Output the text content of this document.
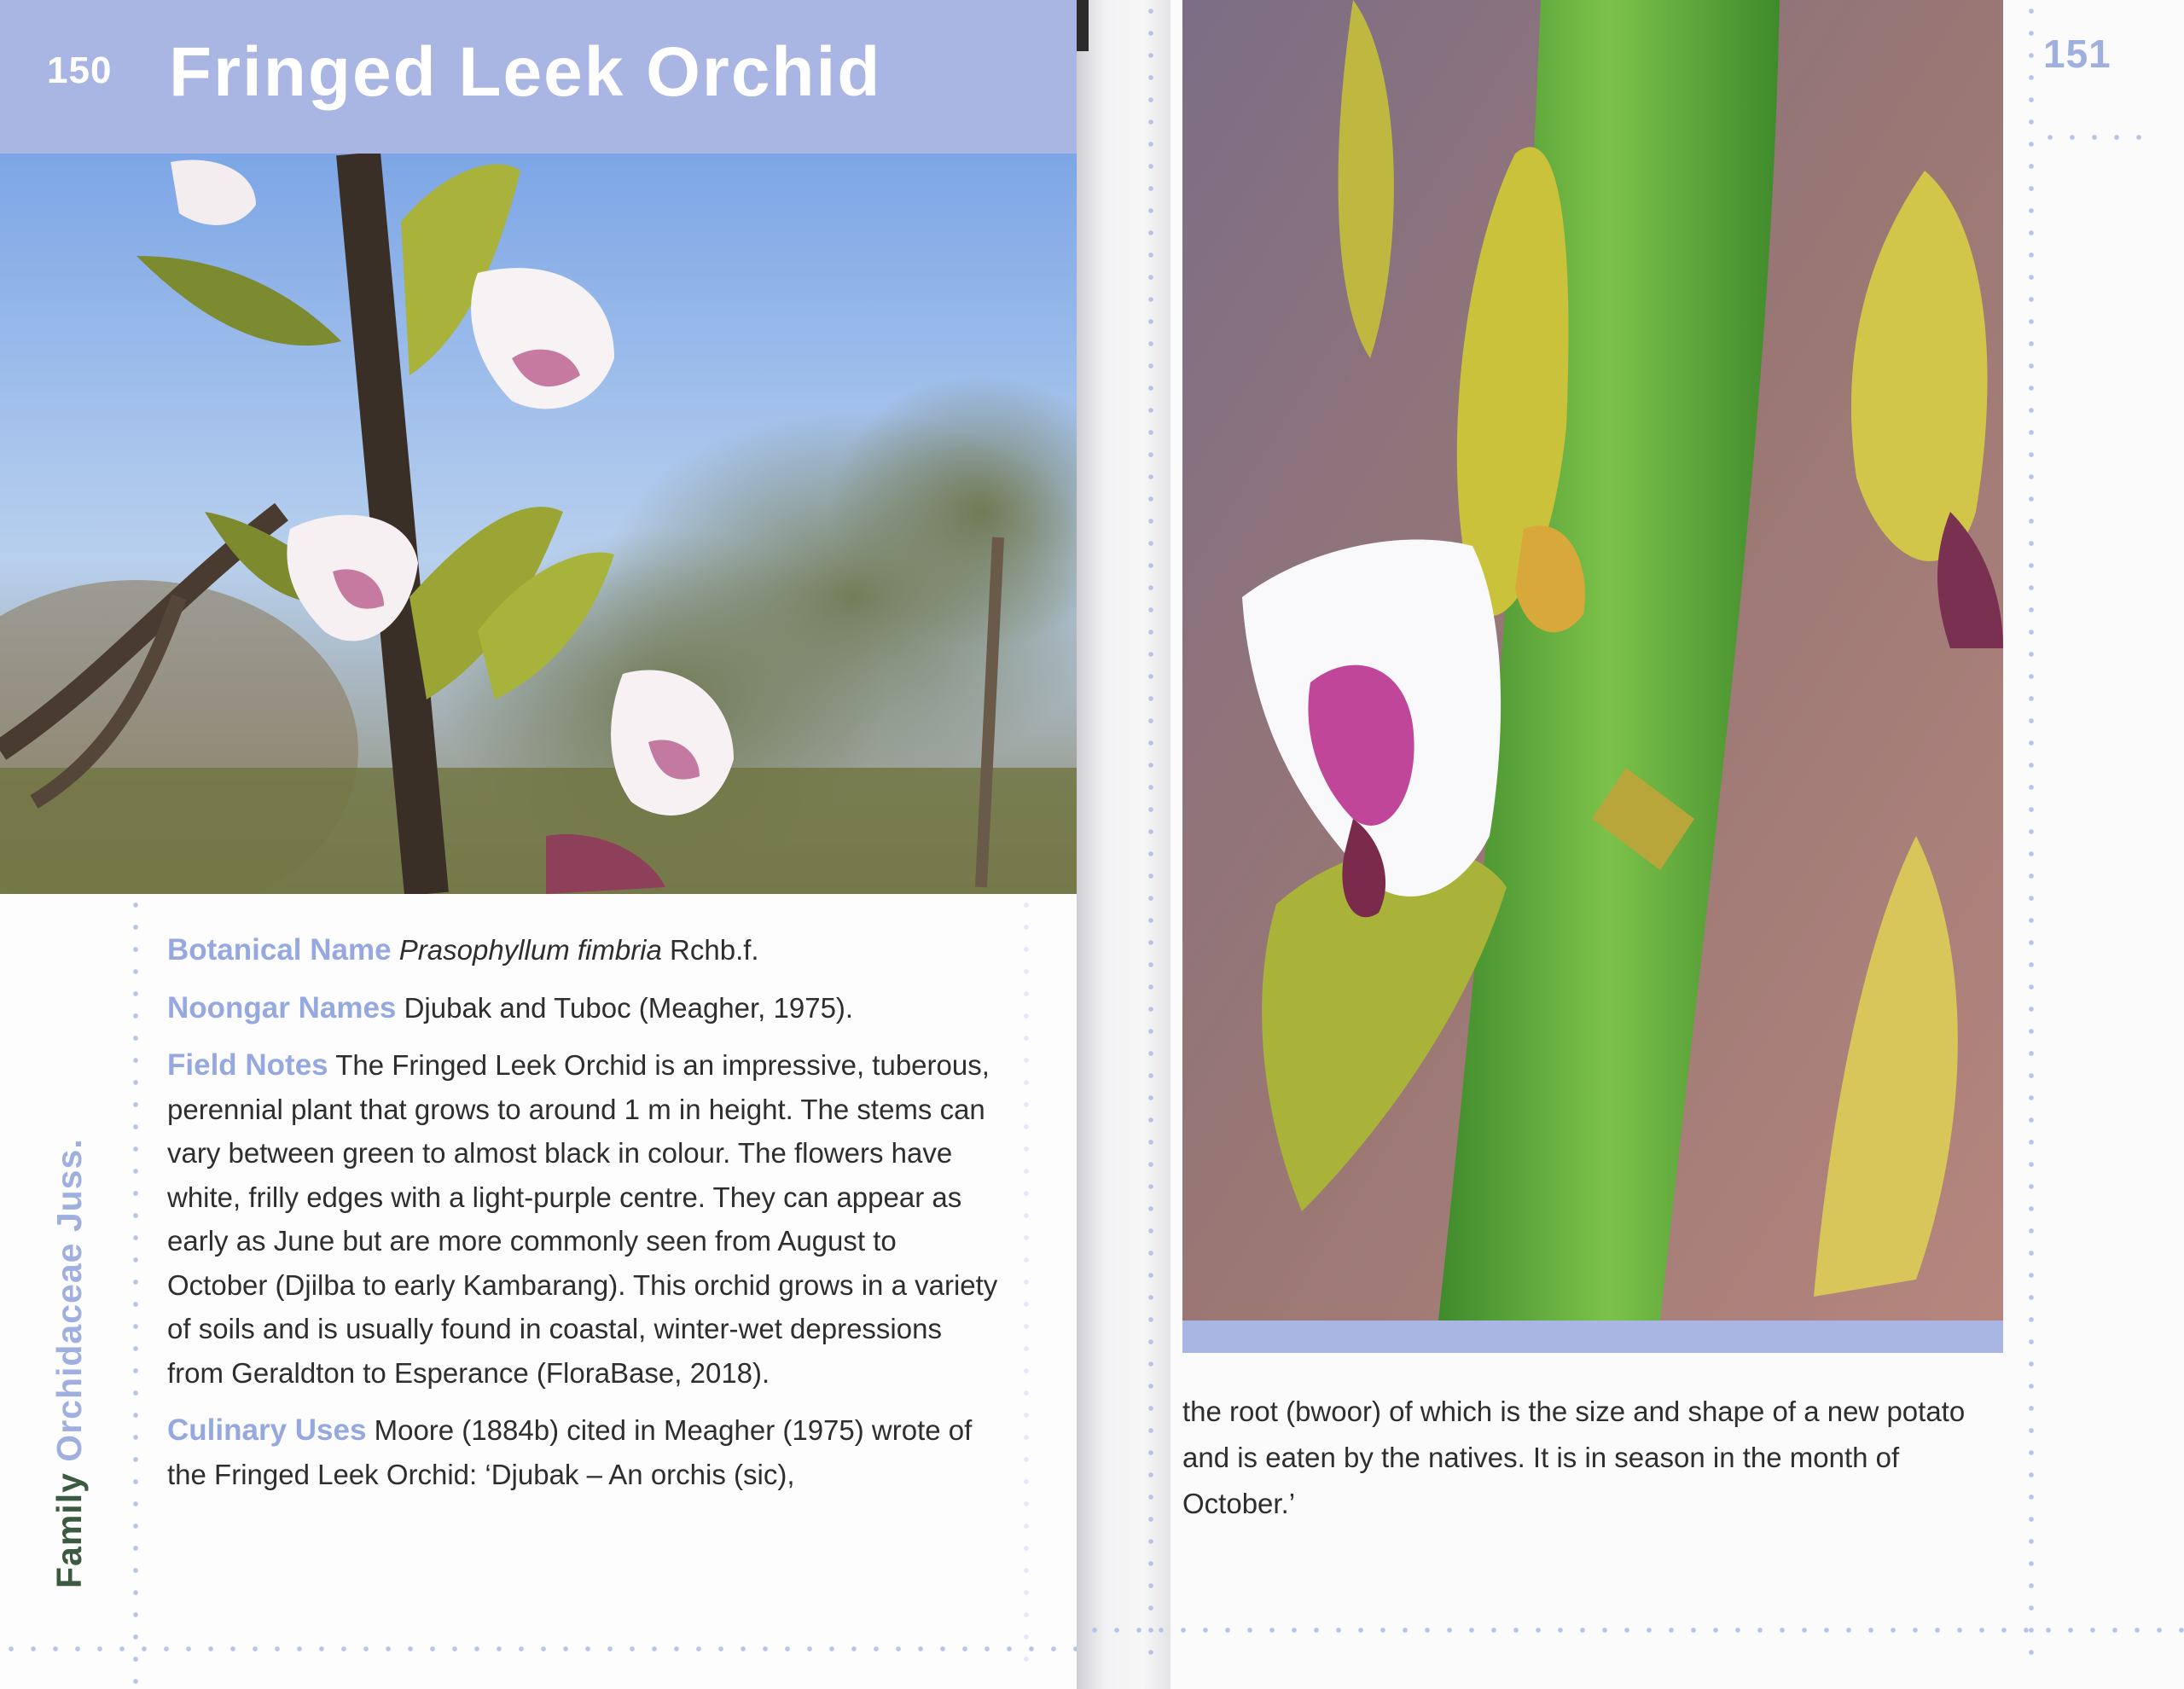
150 Fringed Leek Orchid
Family Orchidaceae Juss.

Botanical Name Prasophyllum fimbria Rchb.f.

Noongar Names Djubak and Tuboc (Meagher, 1975).

Field Notes The Fringed Leek Orchid is an impressive, tuberous, perennial plant that grows to around 1 m in height. The stems can vary between green to almost black in colour. The flowers have white, frilly edges with a light-purple centre. They can appear as early as June but are more commonly seen from August to October (Djilba to early Kambarang). This orchid grows in a variety of soils and is usually found in coastal, winter-wet depressions from Geraldton to Esperance (FloraBase, 2018).

Culinary Uses Moore (1884b) cited in Meagher (1975) wrote of the Fringed Leek Orchid: ‘Djubak – An orchis (sic),

151
the root (bwoor) of which is the size and shape of a new potato and is eaten by the natives. It is in season in the month of October.’
